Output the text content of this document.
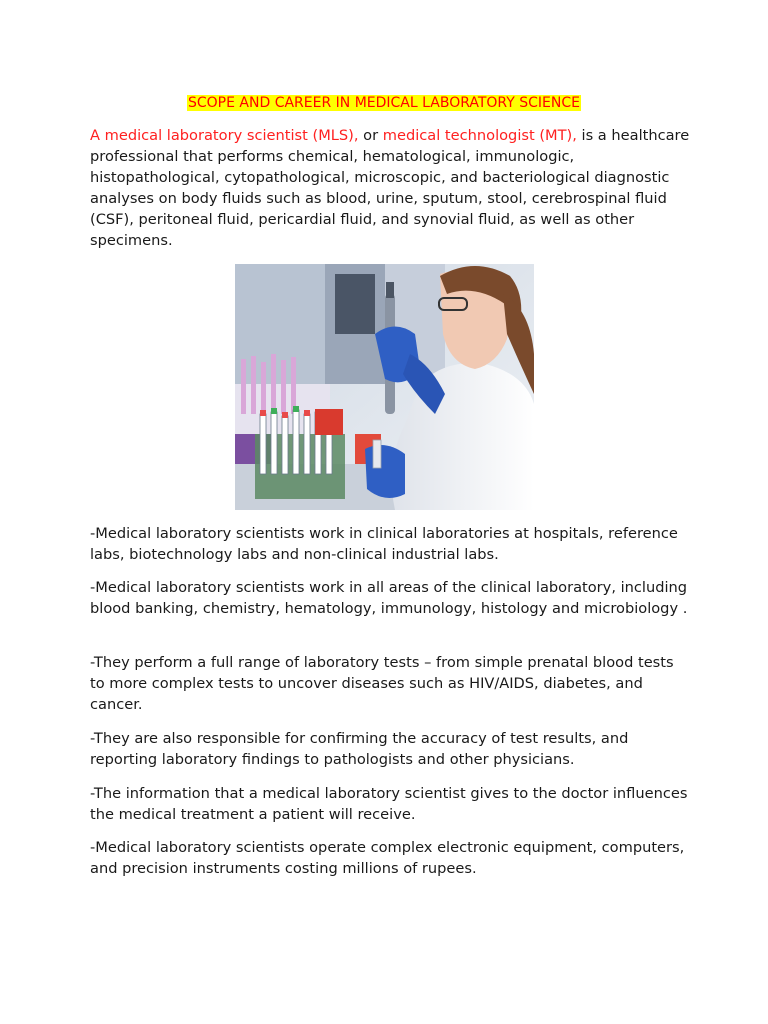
SCOPE AND CAREER IN MEDICAL LABORATORY SCIENCE

A medical laboratory scientist (MLS), or medical technologist (MT), is a healthcare professional that performs chemical, hematological, immunologic, histopathological, cytopathological, microscopic, and bacteriological diagnostic analyses on body fluids such as blood, urine, sputum, stool, cerebrospinal fluid (CSF), peritoneal fluid, pericardial fluid, and synovial fluid, as well as other specimens.

-Medical laboratory scientists work in clinical laboratories at hospitals, reference labs, biotechnology labs and non-clinical industrial labs.

-Medical laboratory scientists work in all areas of the clinical laboratory, including blood banking, chemistry, hematology, immunology, histology and microbiology .

-They perform a full range of laboratory tests – from simple prenatal blood tests to more complex tests to uncover diseases such as HIV/AIDS, diabetes, and cancer.

-They are also responsible for confirming the accuracy of test results, and reporting laboratory findings to pathologists and other physicians.

-The information that a medical laboratory scientist gives to the doctor influences the medical treatment a patient will receive.

-Medical laboratory scientists operate complex electronic equipment, computers, and precision instruments costing millions of rupees.
